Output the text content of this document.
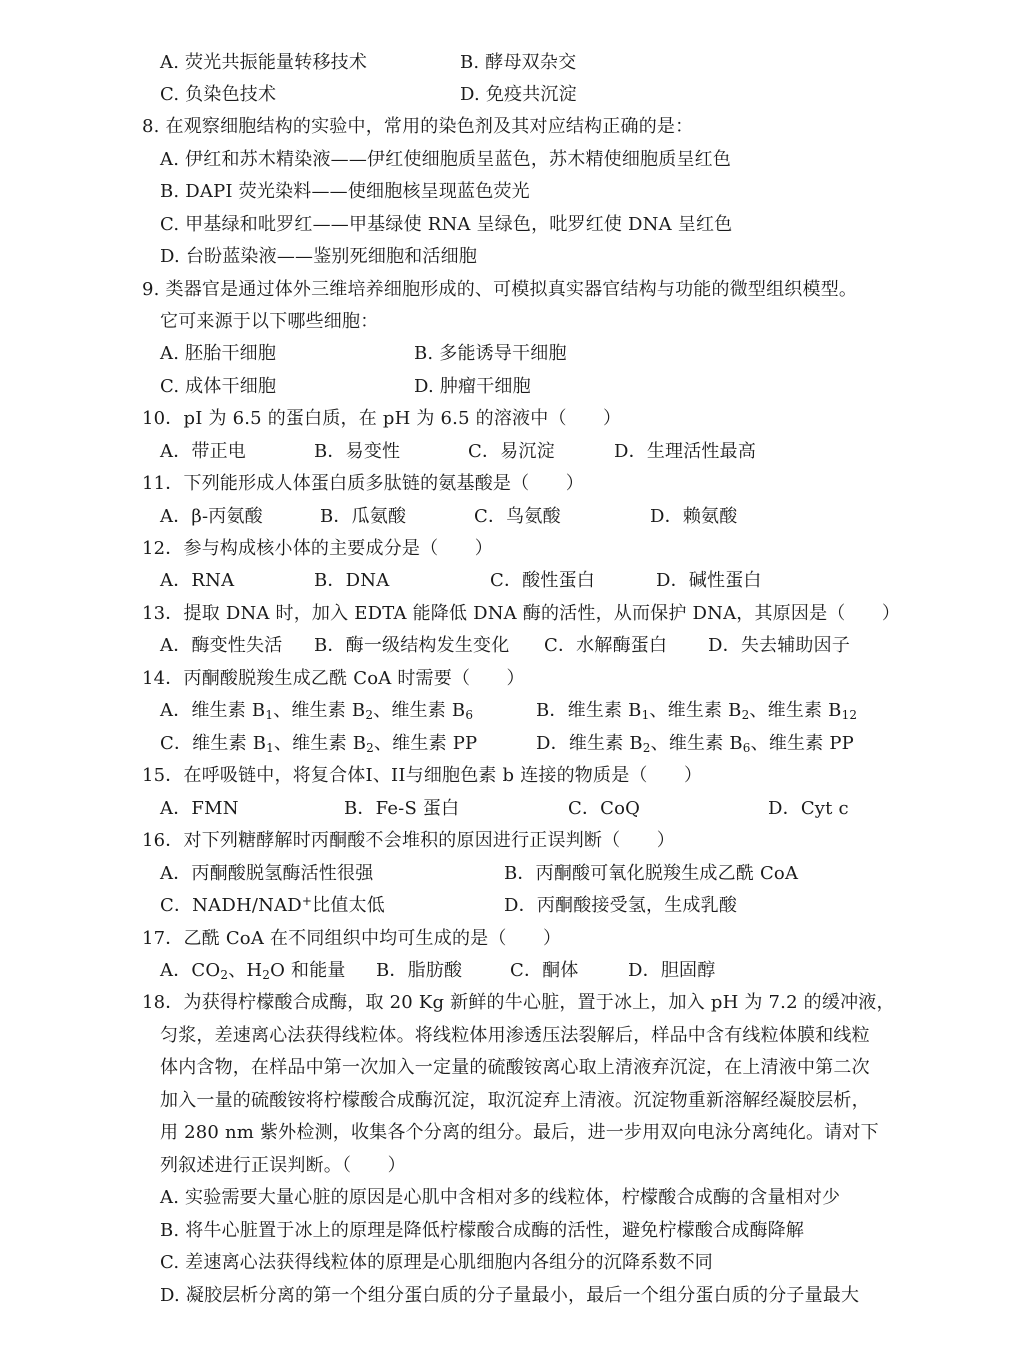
A. 荧光共振能量转移技术	B. 酵母双杂交
C. 负染色技术	D. 免疫共沉淀
8. 在观察细胞结构的实验中，常用的染色剂及其对应结构正确的是：
A. 伊红和苏木精染液——伊红使细胞质呈蓝色，苏木精使细胞质呈红色
B. DAPI 荧光染料——使细胞核呈现蓝色荧光
C. 甲基绿和吡罗红——甲基绿使 RNA 呈绿色，吡罗红使 DNA 呈红色
D. 台盼蓝染液——鉴别死细胞和活细胞
9. 类器官是通过体外三维培养细胞形成的、可模拟真实器官结构与功能的微型组织模型。
它可来源于以下哪些细胞：
A. 胚胎干细胞	B. 多能诱导干细胞
C. 成体干细胞	D. 肿瘤干细胞
10．pI 为 6.5 的蛋白质，在 pH 为 6.5 的溶液中（　　）
A．带正电	B．易变性	C．易沉淀	D．生理活性最高
11．下列能形成人体蛋白质多肽链的氨基酸是（　　）
A．β-丙氨酸	B．瓜氨酸	C．鸟氨酸	D．赖氨酸
12．参与构成核小体的主要成分是（　　）
A．RNA	B．DNA	C．酸性蛋白	D．碱性蛋白
13．提取 DNA 时，加入 EDTA 能降低 DNA 酶的活性，从而保护 DNA，其原因是（　　）
A．酶变性失活 B．酶一级结构发生变化 C．水解酶蛋白 D．失去辅助因子
14．丙酮酸脱羧生成乙酰 CoA 时需要（　　）
A．维生素 $B_1$、维生素 $B_2$、维生素 $B_6$	B．维生素 $B_1$、维生素 $B_2$、维生素 $B_{12}$
C．维生素 $B_1$、维生素 $B_2$、维生素 PP	D．维生素 $B_2$、维生素 $B_6$、维生素 PP
15．在呼吸链中，将复合体I、II与细胞色素 b 连接的物质是（　　）
A．FMN	B．Fe-S 蛋白	C．CoQ	D．Cyt c
16．对下列糖酵解时丙酮酸不会堆积的原因进行正误判断（　　）
A．丙酮酸脱氢酶活性很强	B．丙酮酸可氧化脱羧生成乙酰 CoA
C．NADH/NAD+比值太低	D．丙酮酸接受氢，生成乳酸
17．乙酰 CoA 在不同组织中均可生成的是（　　）
A．$CO_2$、$H_2O$ 和能量 B．脂肪酸	C．酮体	D．胆固醇
18．为获得柠檬酸合成酶，取 20 Kg 新鲜的牛心脏，置于冰上，加入 pH 为 7.2 的缓冲液，
匀浆，差速离心法获得线粒体。将线粒体用渗透压法裂解后，样品中含有线粒体膜和线粒
体内含物，在样品中第一次加入一定量的硫酸铵离心取上清液弃沉淀，在上清液中第二次
加入一量的硫酸铵将柠檬酸合成酶沉淀，取沉淀弃上清液。沉淀物重新溶解经凝胶层析，
用 280 nm 紫外检测，收集各个分离的组分。最后，进一步用双向电泳分离纯化。请对下
列叙述进行正误判断。（　　）
A. 实验需要大量心脏的原因是心肌中含相对多的线粒体，柠檬酸合成酶的含量相对少
B. 将牛心脏置于冰上的原理是降低柠檬酸合成酶的活性，避免柠檬酸合成酶降解
C. 差速离心法获得线粒体的原理是心肌细胞内各组分的沉降系数不同
D. 凝胶层析分离的第一个组分蛋白质的分子量最小，最后一个组分蛋白质的分子量最大
